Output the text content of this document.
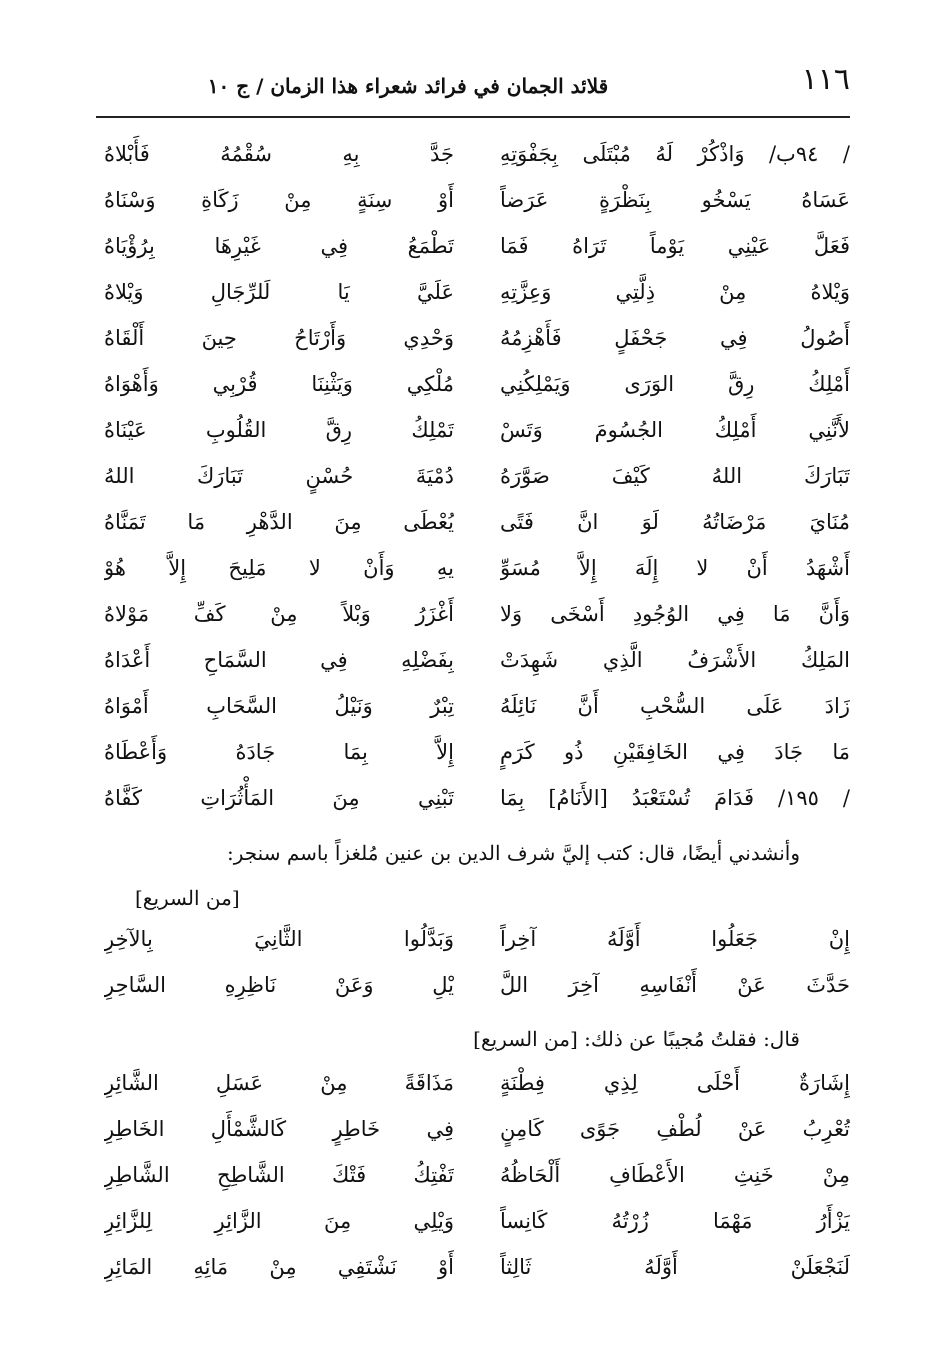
١١٦
قلائد الجمان في فرائد شعراء هذا الزمان / ج ١٠
/ ٩٤ب/ وَاذْكُرْ لَهُ مُبْتَلَى بِجَفْوَتِهِ
جَدَّ بِهِ سُقْمُهُ فَأَبْلاهُ
عَسَاهُ يَسْخُو بِنَظْرَةٍ عَرَضاً
أَوْ سِنَةٍ مِنْ زَكَاةِ وَسْنَاهُ
فَعَلَّ عَيْنِي يَوْماً تَرَاهُ فَمَا
تَطْمَعُ فِي غَيْرِهَا بِرُؤْيَاهُ
وَيْلاهُ مِنْ ذِلَّتِي وَعِزَّتِهِ
عَلَيَّ يَا لَلرِّجَالِ وَيْلاهُ
أَصُولُ فِي جَحْفَلٍ فَأَهْزِمُهُ
وَحْدِي وَأَرْتَاحُ حِينَ أَلْقَاهُ
أَمْلِكُ رِقَّ الوَرَى وَيَمْلِكُنِي
مُلْكِي وَيَثْنِنَا قُرْبِي وَأَهْوَاهُ
لأَنَّنِي أَمْلِكُ الجُسُومَ وَتَسْ
تَمْلِكُ رِقَّ القُلُوبِ عَيْنَاهُ
تَبَارَكَ اللهُ كَيْفَ صَوَّرَهُ
دُمْيَةَ حُسْنٍ تَبَارَكَ اللهُ
مُنَايَ مَرْضَاتُهُ لَوَ انَّ فَتًى
يُعْطَى مِنَ الدَّهْرِ مَا تَمَنَّاهُ
أَشْهَدُ أَنْ لا إِلَهَ إِلاَّ مُسَوِّ
يهِ وَأَنْ لا مَلِيحَ إِلاَّ هُوْ
وَأَنَّ مَا فِي الوُجُودِ أَسْخَى وَلا
أَغْزَرُ وَبْلاً مِنْ كَفِّ مَوْلاهُ
المَلِكُ الأَشْرَفُ الَّذِي شَهِدَتْ
بِفَضْلِهِ فِي السَّمَاحِ أَعْدَاهُ
زَادَ عَلَى السُّحْبِ أَنَّ نَائِلَهُ
تِبْرٌ وَنَيْلُ السَّحَابِ أَمْوَاهُ
مَا جَادَ فِي الخَافِقَيْنِ ذُو كَرَمٍ
إِلاَّ بِمَا جَادَهُ وَأَعْطَاهُ
/ ١٩٥/ فَدَامَ تُسْتَعْبَدُ [الأَنَامُ] بِمَا
تَبْنِي مِنَ المَأْثُرَاتِ كَفَّاهُ
وأنشدني أيضًا، قال: كتب إليَّ شرف الدين بن عنين مُلغزاً باسم سنجر:
[من السريع]
إِنْ جَعَلُوا أَوَّلَهُ آخِراً
وَبَدَّلُوا الثَّانِيَ بِالآخِرِ
حَدَّثَ عَنْ أَنْفَاسِهِ آخِرَ اللَّ
يْلِ وَعَنْ نَاظِرِهِ السَّاحِرِ
قال: فقلتُ مُجيبًا عن ذلك: [من السريع]
إِشَارَةٌ أَحْلَى لِذِي فِطْنَةٍ
مَذَاقَةً مِنْ عَسَلِ الشَّائِرِ
تُعْرِبُ عَنْ لُطْفِ جَوًى كَامِنٍ
فِي خَاطِرٍ كَالشَّمْأَلِ الخَاطِرِ
مِنْ خَنِثِ الأَعْطَافِ أَلْحَاظُهُ
تَفْتِكُ فَتْكَ الشَّاطِحِ الشَّاطِرِ
يَزْأَرُ مَهْمَا زُرْتُهُ كَانِساً
وَيْلِي مِنَ الزَّائِرِ لِلزَّائِرِ
لَنَجْعَلَنْ أَوَّلَهُ ثَالِثاً
أَوْ نَشْتَفِي مِنْ مَائِهِ المَائِرِ
